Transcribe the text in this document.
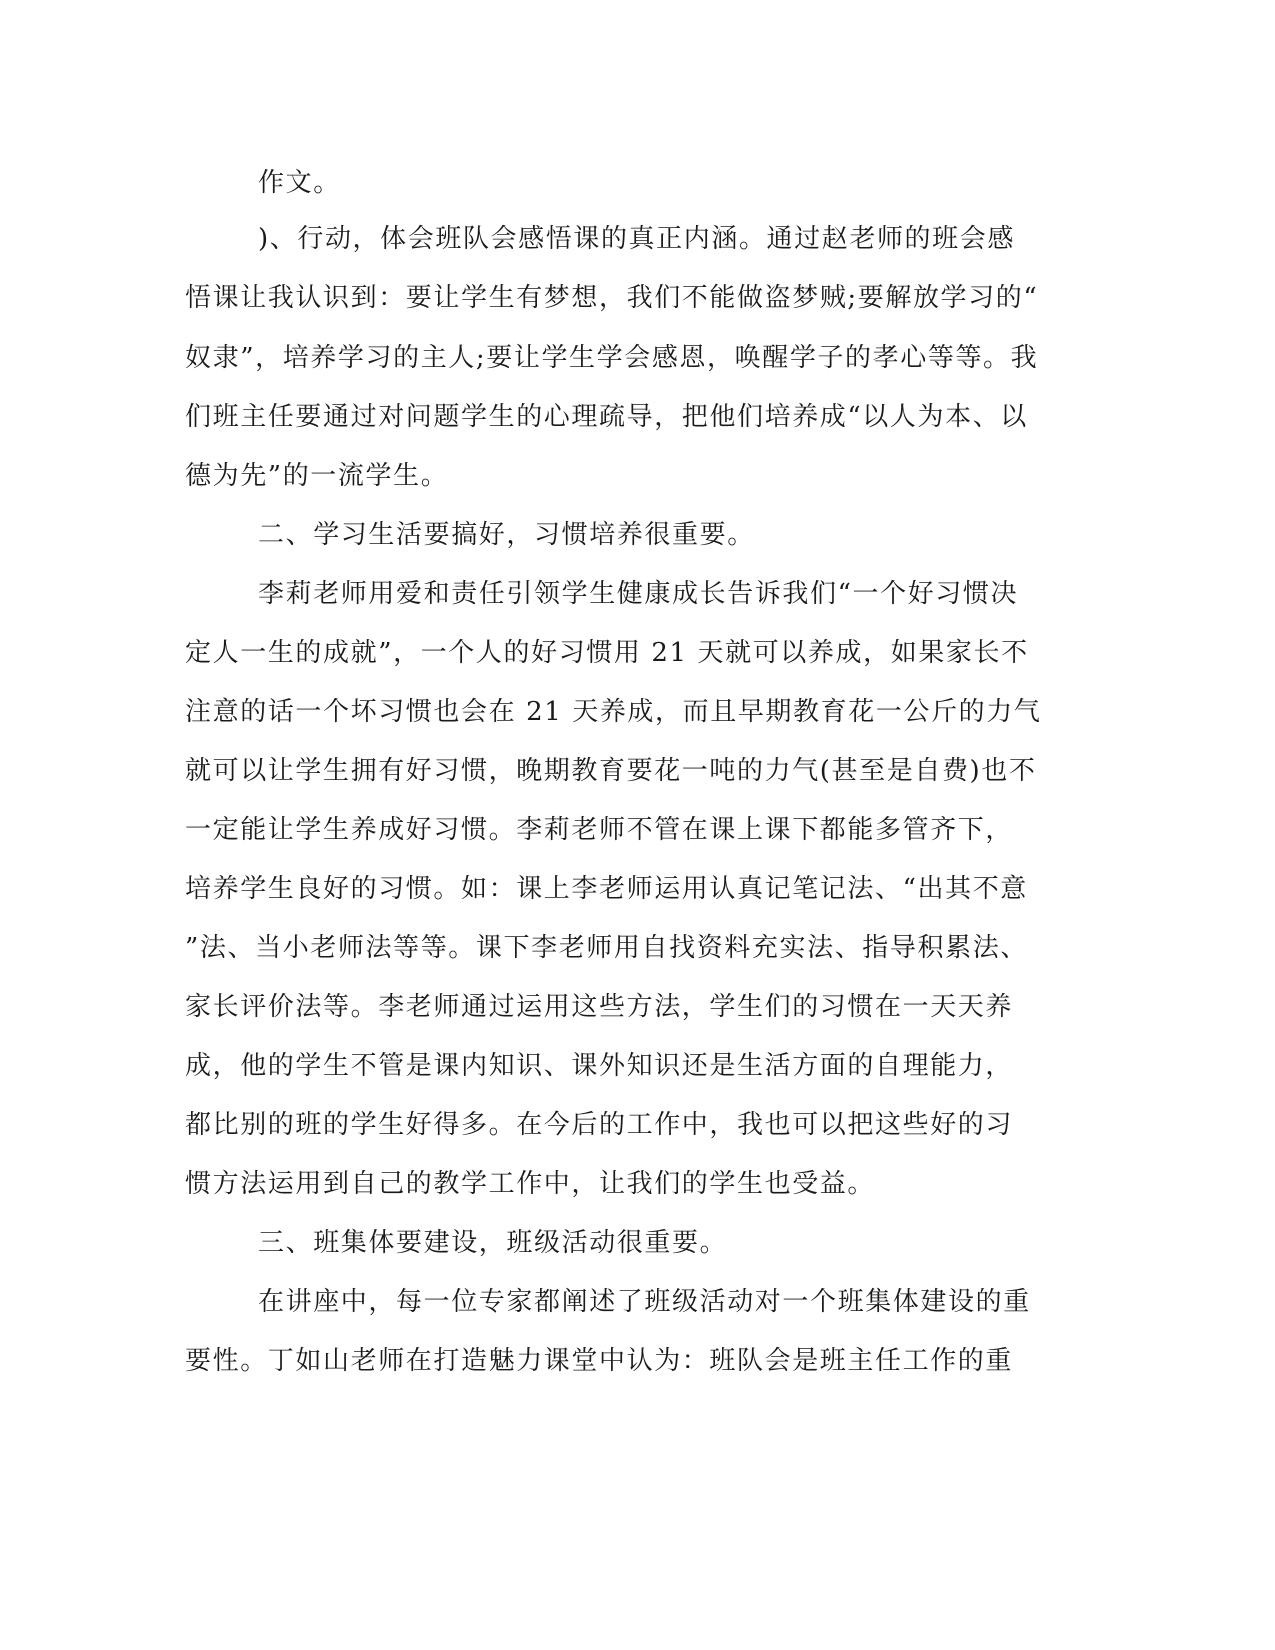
作文。

)、行动，体会班队会感悟课的真正内涵。通过赵老师的班会感

悟课让我认识到：要让学生有梦想，我们不能做盗梦贼;要解放学习的“

奴隶”，培养学习的主人;要让学生学会感恩，唤醒学子的孝心等等。我

们班主任要通过对问题学生的心理疏导，把他们培养成“以人为本、以

德为先”的一流学生。

二、学习生活要搞好，习惯培养很重要。

李莉老师用爱和责任引领学生健康成长告诉我们“一个好习惯决

定人一生的成就”，一个人的好习惯用 21 天就可以养成，如果家长不

注意的话一个坏习惯也会在 21 天养成，而且早期教育花一公斤的力气

就可以让学生拥有好习惯，晚期教育要花一吨的力气(甚至是自费)也不

一定能让学生养成好习惯。李莉老师不管在课上课下都能多管齐下，

培养学生良好的习惯。如：课上李老师运用认真记笔记法、“出其不意

”法、当小老师法等等。课下李老师用自找资料充实法、指导积累法、

家长评价法等。李老师通过运用这些方法，学生们的习惯在一天天养

成，他的学生不管是课内知识、课外知识还是生活方面的自理能力，

都比别的班的学生好得多。在今后的工作中，我也可以把这些好的习

惯方法运用到自己的教学工作中，让我们的学生也受益。

三、班集体要建设，班级活动很重要。

在讲座中，每一位专家都阐述了班级活动对一个班集体建设的重

要性。丁如山老师在打造魅力课堂中认为：班队会是班主任工作的重
